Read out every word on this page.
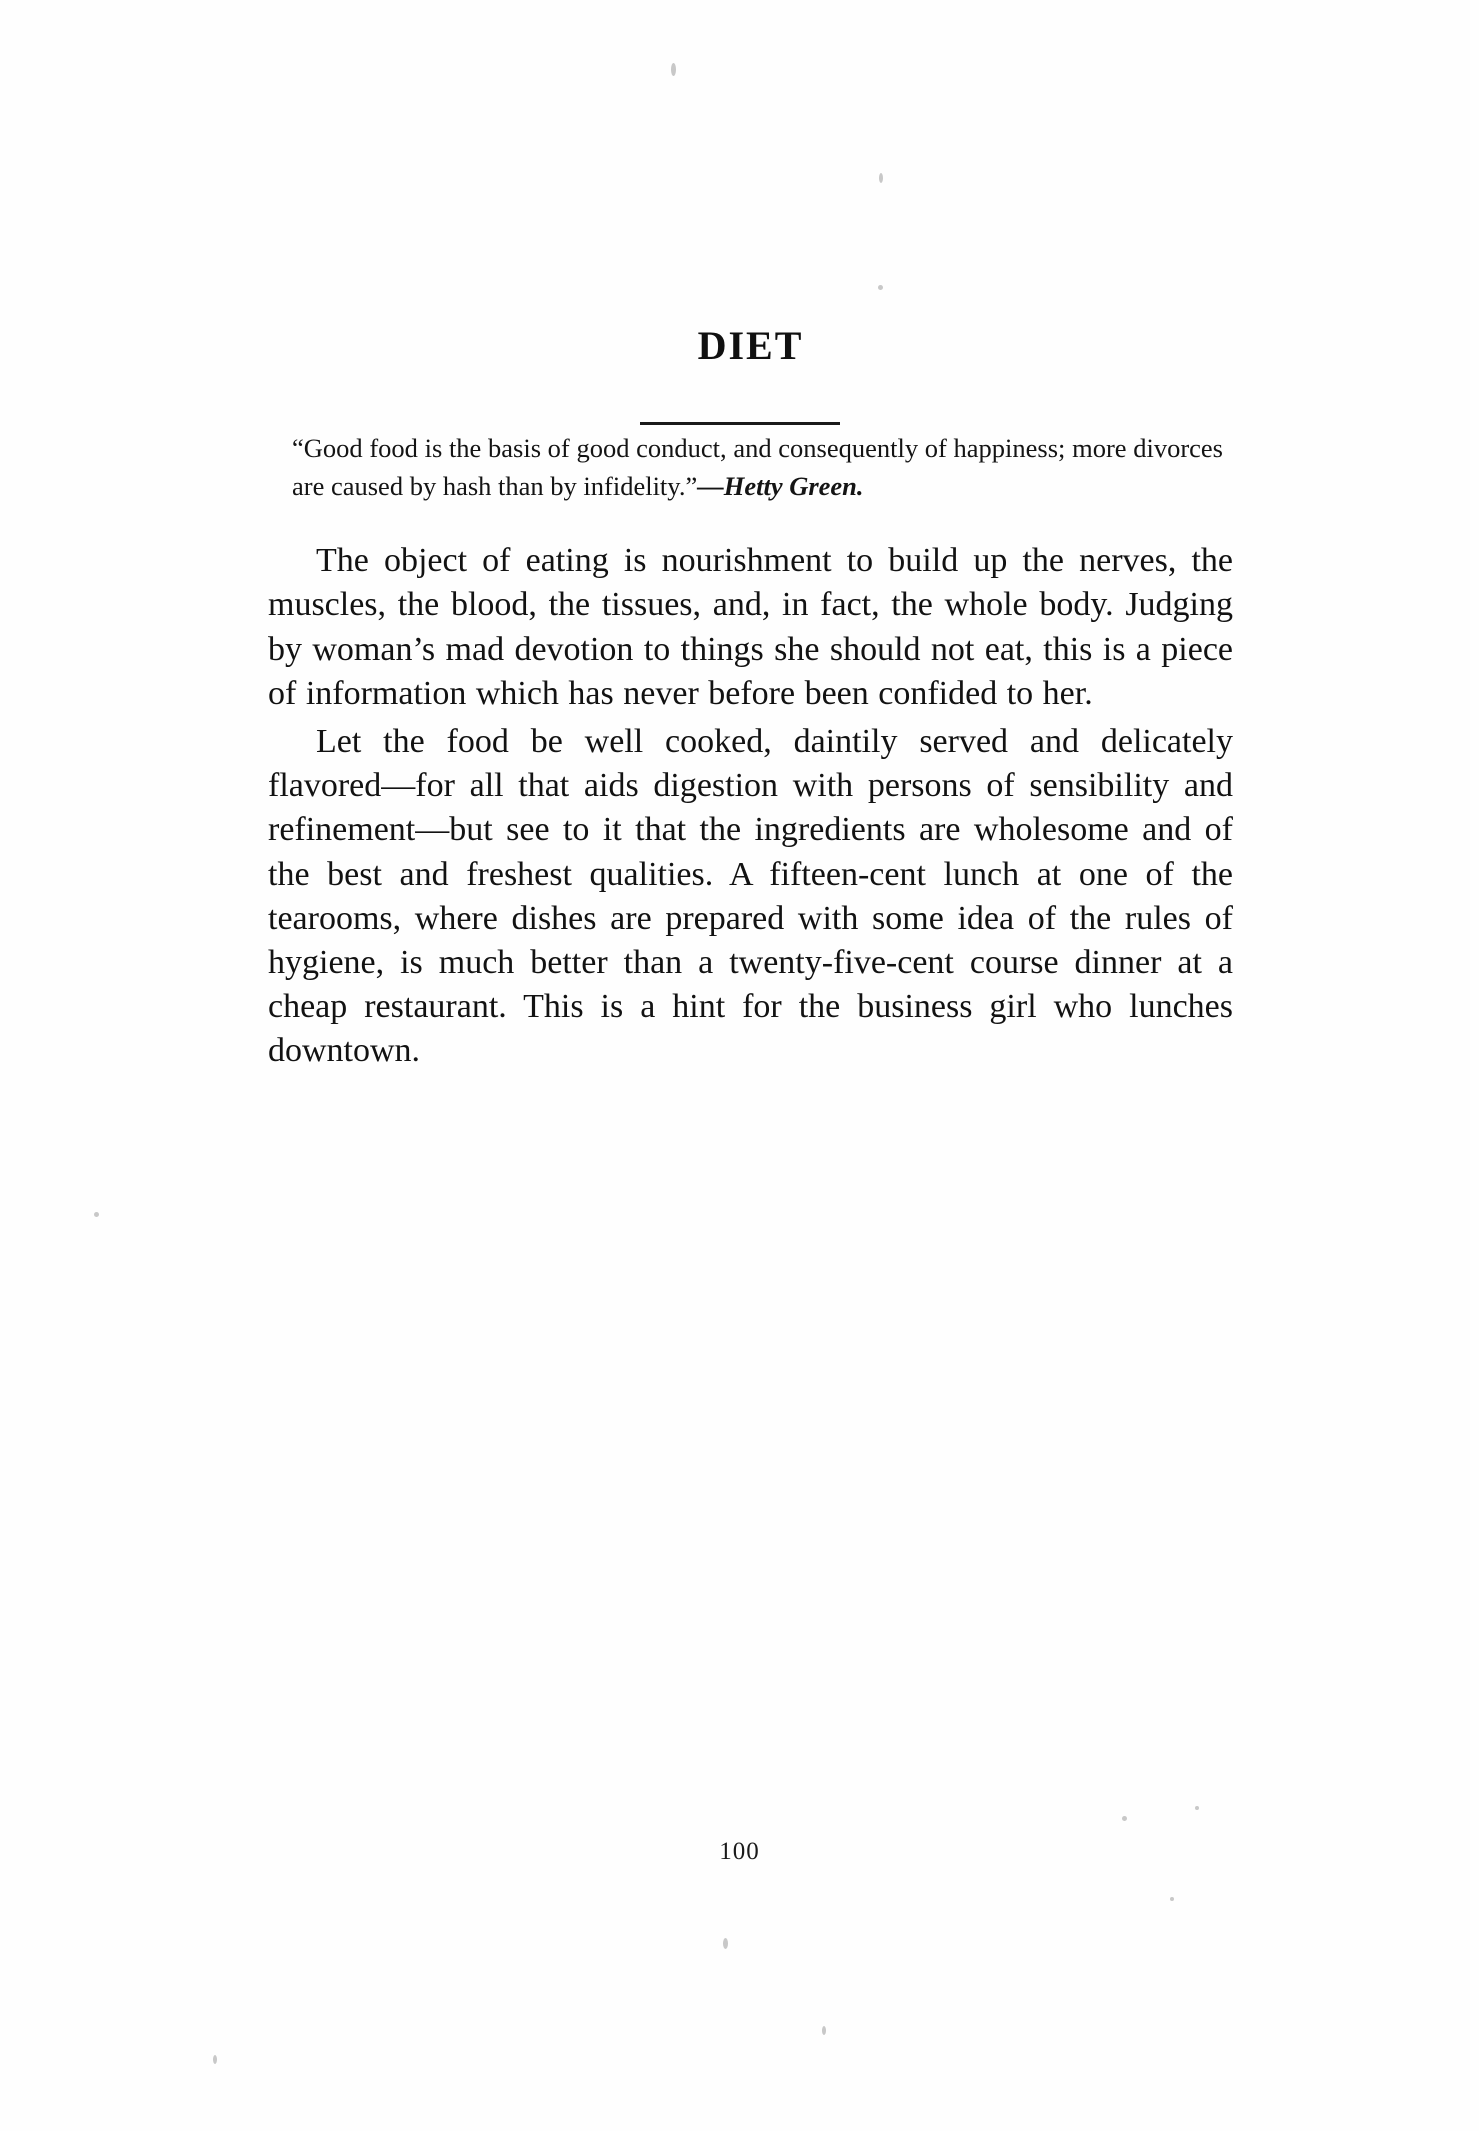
DIET
“Good food is the basis of good conduct, and consequently of happiness; more divorces are caused by hash than by infidelity.”—Hetty Green.

The object of eating is nourishment to build up the nerves, the muscles, the blood, the tissues, and, in fact, the whole body. Judging by woman’s mad devotion to things she should not eat, this is a piece of information which has never before been confided to her.

Let the food be well cooked, daintily served and delicately flavored—for all that aids digestion with persons of sensibility and refinement—but see to it that the ingredients are wholesome and of the best and freshest qualities. A fifteen-cent lunch at one of the tearooms, where dishes are prepared with some idea of the rules of hygiene, is much better than a twenty-five-cent course dinner at a cheap restaurant. This is a hint for the business girl who lunches downtown.

100
